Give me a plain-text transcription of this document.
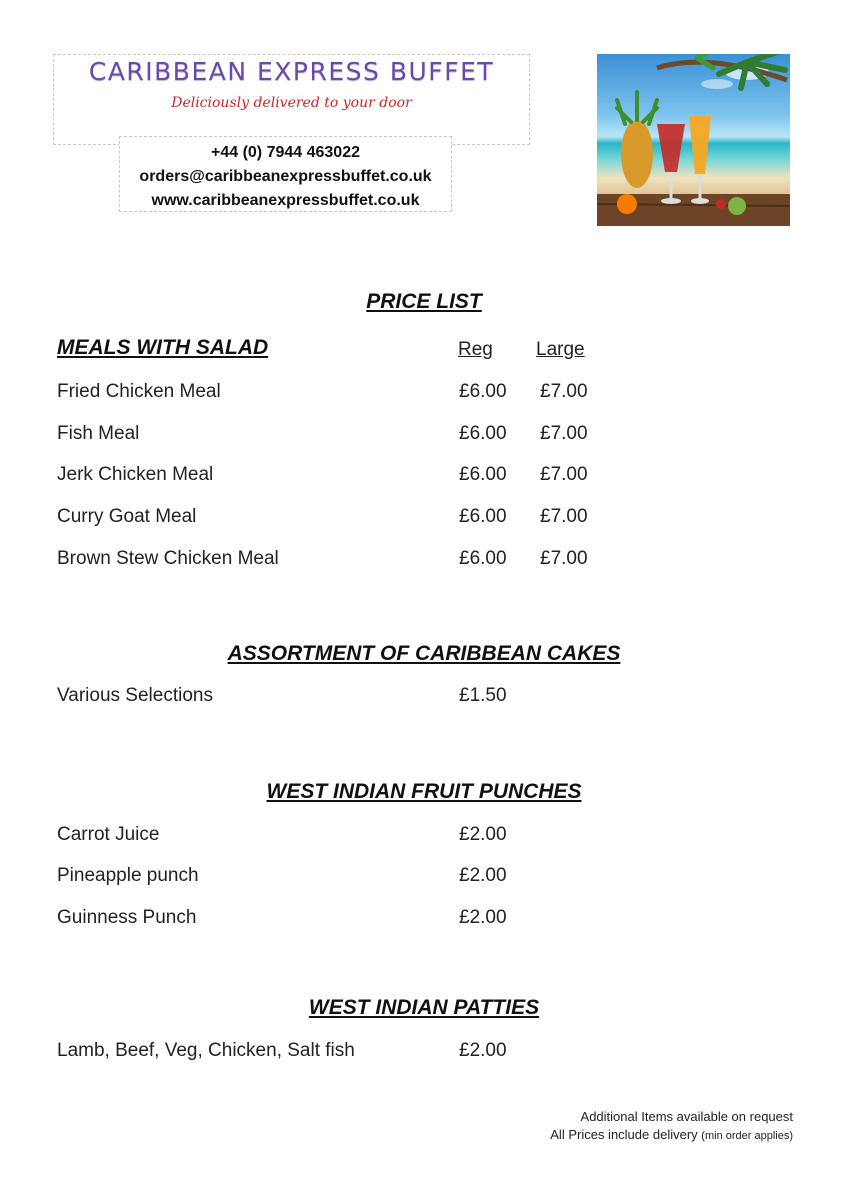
CARIBBEAN EXPRESS BUFFET
Deliciously delivered to your door
+44 (0) 7944 463022
orders@caribbeanexpressbuffet.co.uk
www.caribbeanexpressbuffet.co.uk
PRICE LIST
MEALS WITH SALAD	Reg Large
Fried Chicken Meal	£6.00 £7.00
Fish Meal	£6.00 £7.00
Jerk Chicken Meal	£6.00 £7.00
Curry Goat Meal	£6.00 £7.00
Brown Stew Chicken Meal	£6.00 £7.00
ASSORTMENT OF CARIBBEAN CAKES
Various Selections	£1.50
WEST INDIAN FRUIT PUNCHES
Carrot Juice	£2.00
Pineapple punch	£2.00
Guinness Punch	£2.00
WEST INDIAN PATTIES
Lamb, Beef, Veg, Chicken, Salt fish	£2.00
Additional Items available on request
All Prices include delivery (min order applies)
